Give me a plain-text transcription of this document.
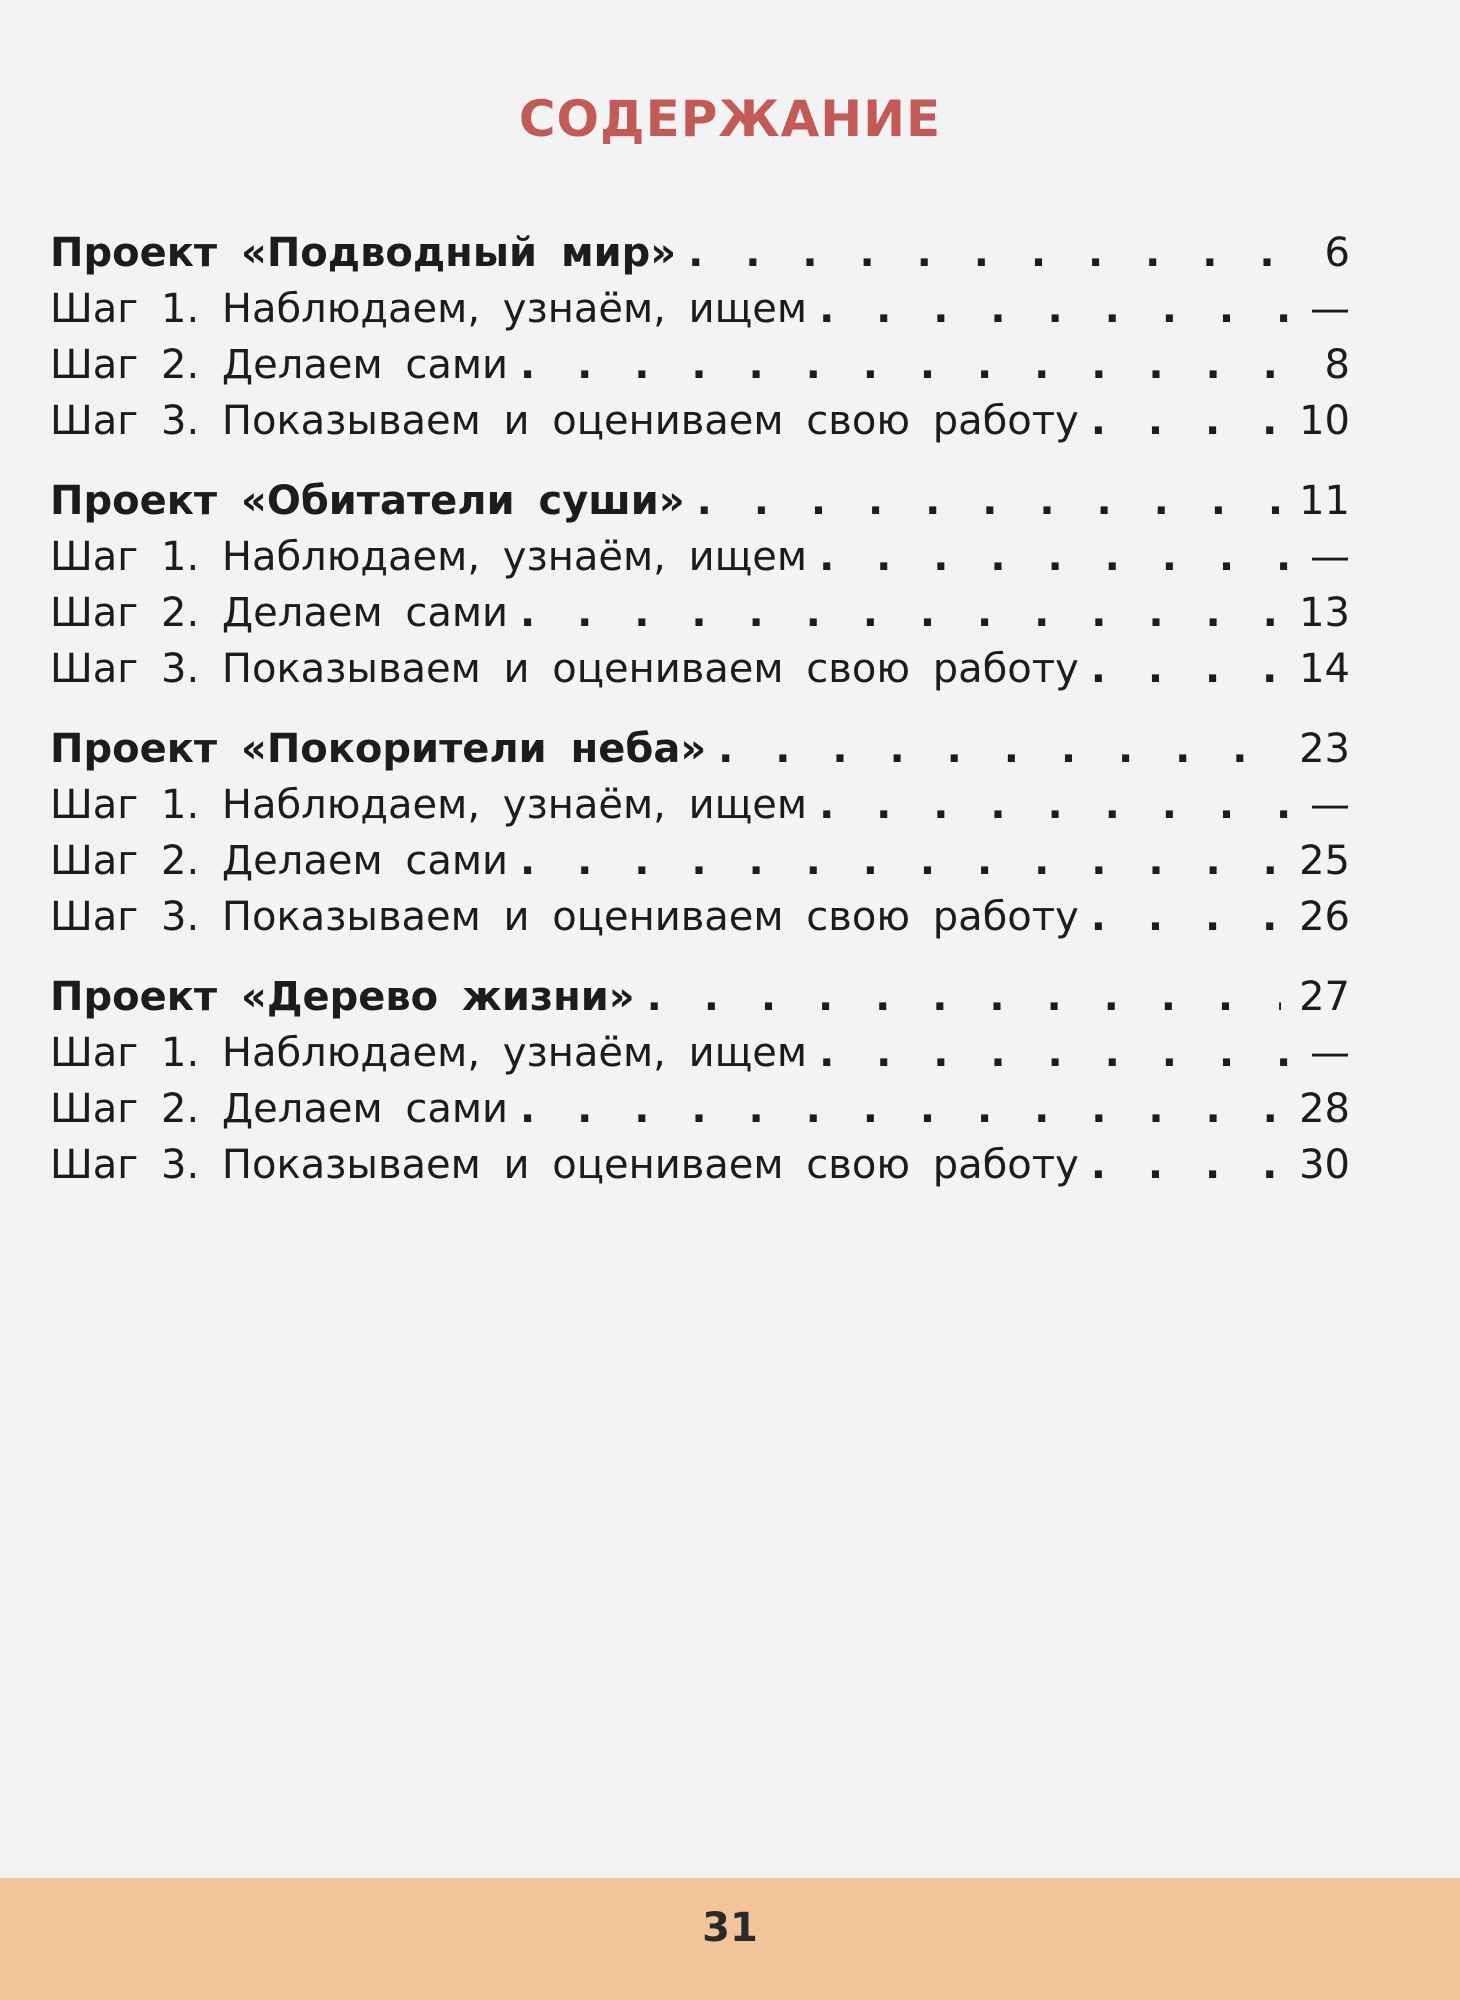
СОДЕРЖАНИЕ
Проект «Подводный мир» . . .	6
Шаг 1. Наблюдаем, узнаём, ищем . . .	—
Шаг 2. Делаем сами . . .	8
Шаг 3. Показываем и оцениваем свою работу . . .	10
Проект «Обитатели суши» . . .	11
Шаг 1. Наблюдаем, узнаём, ищем . . .	—
Шаг 2. Делаем сами . . .	13
Шаг 3. Показываем и оцениваем свою работу . . .	14
Проект «Покорители неба» . . .	23
Шаг 1. Наблюдаем, узнаём, ищем . . .	—
Шаг 2. Делаем сами . . .	25
Шаг 3. Показываем и оцениваем свою работу . . .	26
Проект «Дерево жизни» . . .	27
Шаг 1. Наблюдаем, узнаём, ищем . . .	—
Шаг 2. Делаем сами . . .	28
Шаг 3. Показываем и оцениваем свою работу . . .	30
31
